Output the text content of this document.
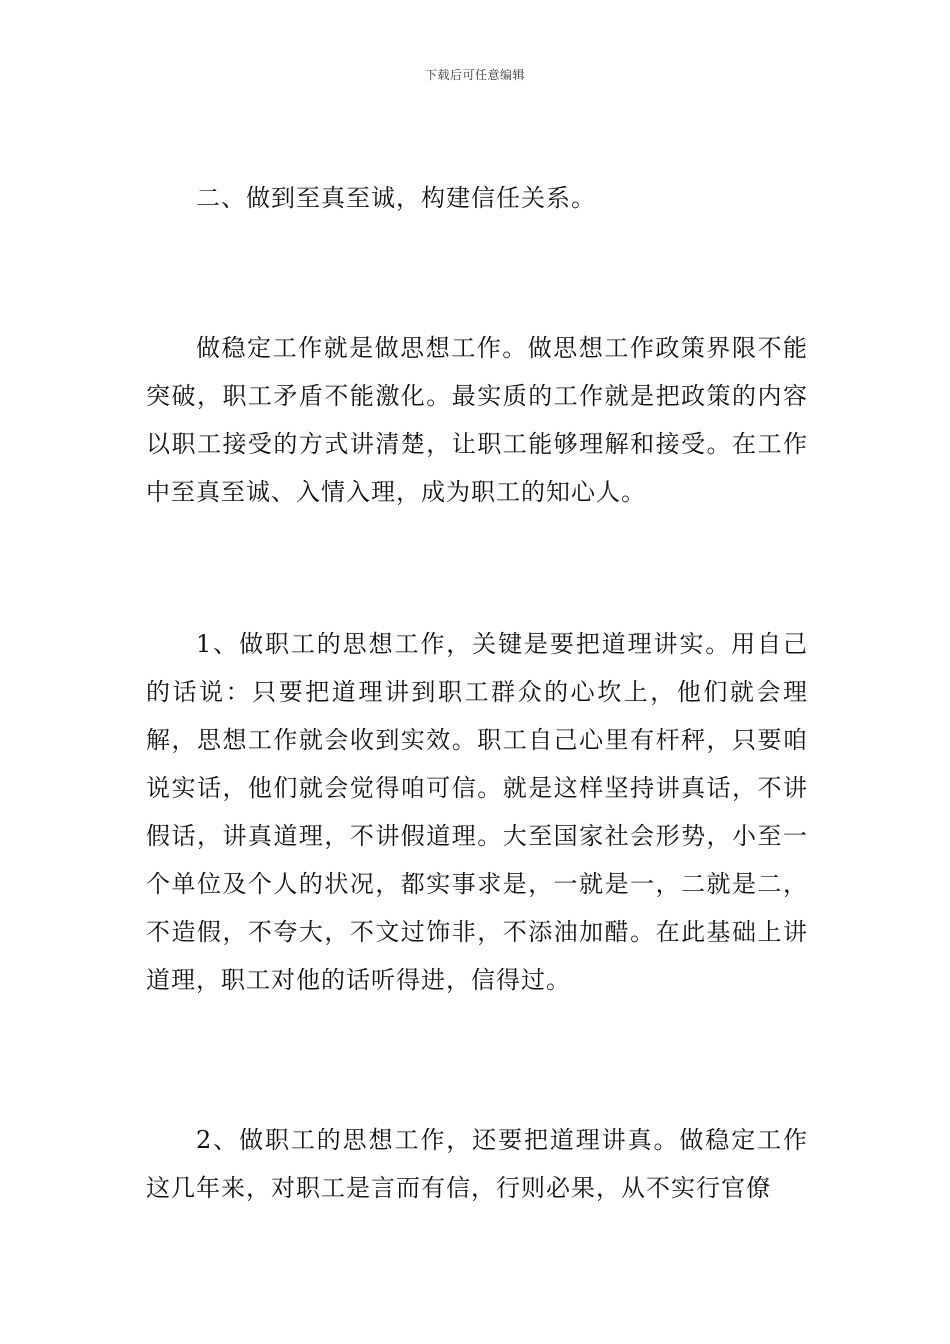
下载后可任意编辑
二、做到至真至诚，构建信任关系。

做稳定工作就是做思想工作。做思想工作政策界限不能突破，职工矛盾不能激化。最实质的工作就是把政策的内容以职工接受的方式讲清楚，让职工能够理解和接受。在工作中至真至诚、入情入理，成为职工的知心人。

1、做职工的思想工作，关键是要把道理讲实。用自己的话说：只要把道理讲到职工群众的心坎上，他们就会理解，思想工作就会收到实效。职工自己心里有杆秤，只要咱说实话，他们就会觉得咱可信。就是这样坚持讲真话，不讲假话，讲真道理，不讲假道理。大至国家社会形势，小至一个单位及个人的状况，都实事求是，一就是一，二就是二，不造假，不夸大，不文过饰非，不添油加醋。在此基础上讲道理，职工对他的话听得进，信得过。

2、做职工的思想工作，还要把道理讲真。做稳定工作这几年来，对职工是言而有信，行则必果，从不实行官僚
